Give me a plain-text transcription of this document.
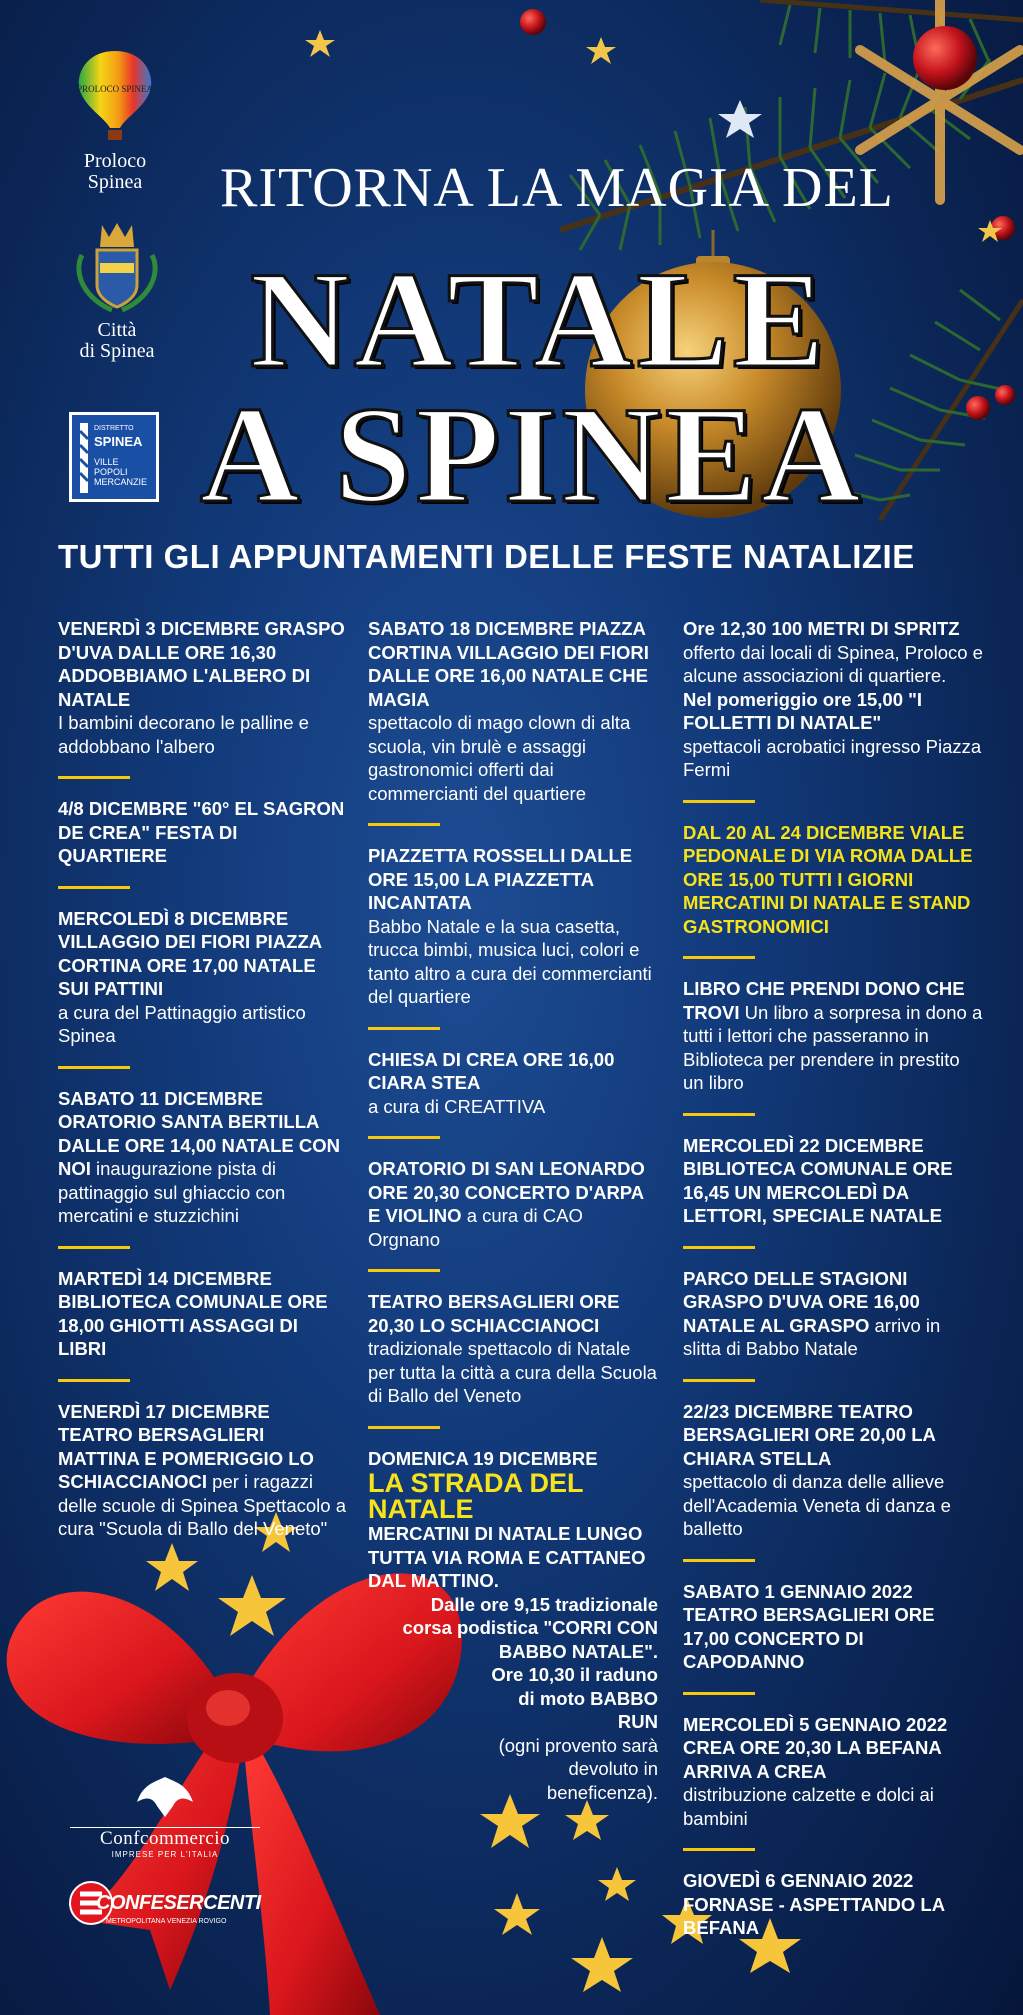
PROLOCO SPINEA
Proloco
Spinea
Città
di Spinea
DISTRETTO
SPINEA
VILLE
POPOLI
MERCANZIE
RITORNA LA MAGIA DEL
NATALE
A SPINEA
TUTTI GLI APPUNTAMENTI DELLE FESTE NATALIZIE
VENERDÌ 3 DICEMBRE GRASPO D'UVA DALLE ORE 16,30 ADDOBBIAMO L'ALBERO DI NATALE
I bambini decorano le palline e addobbano l'albero
4/8 DICEMBRE "60° EL SAGRON DE CREA" FESTA DI QUARTIERE
MERCOLEDÌ 8 DICEMBRE VILLAGGIO DEI FIORI PIAZZA CORTINA ORE 17,00 NATALE SUI PATTINI
a cura del Pattinaggio artistico Spinea
SABATO 11 DICEMBRE ORATORIO SANTA BERTILLA DALLE ORE 14,00 NATALE CON NOI inaugurazione pista di pattinaggio sul ghiaccio con mercatini e stuzzichini
MARTEDÌ 14 DICEMBRE BIBLIOTECA COMUNALE ORE 18,00 GHIOTTI ASSAGGI DI LIBRI
VENERDÌ 17 DICEMBRE TEATRO BERSAGLIERI MATTINA E POMERIGGIO LO SCHIACCIANOCI per i ragazzi delle scuole di Spinea Spettacolo a cura "Scuola di Ballo del Veneto"
SABATO 18 DICEMBRE PIAZZA CORTINA VILLAGGIO DEI FIORI DALLE ORE 16,00 NATALE CHE MAGIA
spettacolo di mago clown di alta scuola, vin brulè e assaggi gastronomici offerti dai commercianti del quartiere
PIAZZETTA ROSSELLI DALLE ORE 15,00 LA PIAZZETTA INCANTATA
Babbo Natale e la sua casetta, trucca bimbi, musica luci, colori e tanto altro a cura dei commercianti del quartiere
CHIESA DI CREA ORE 16,00 CIARA STEA
a cura di CREATTIVA
ORATORIO DI SAN LEONARDO ORE 20,30 CONCERTO D'ARPA E VIOLINO a cura di CAO Orgnano
TEATRO BERSAGLIERI ORE 20,30 LO SCHIACCIANOCI tradizionale spettacolo di Natale per tutta la città a cura della Scuola di Ballo del Veneto
DOMENICA 19 DICEMBRE
LA STRADA DEL NATALE
MERCATINI DI NATALE LUNGO TUTTA VIA ROMA E CATTANEO DAL MATTINO.
Dalle ore 9,15 tradizionale corsa podistica "CORRI CON BABBO NATALE".
Ore 10,30 il raduno di moto BABBO RUN
(ogni provento sarà devoluto in beneficenza).
Ore 12,30 100 METRI DI SPRITZ offerto dai locali di Spinea, Proloco e alcune associazioni di quartiere.
Nel pomeriggio ore 15,00 "I FOLLETTI DI NATALE"
spettacoli acrobatici ingresso Piazza Fermi
DAL 20 AL 24 DICEMBRE VIALE PEDONALE DI VIA ROMA DALLE ORE 15,00 TUTTI I GIORNI MERCATINI DI NATALE E STAND GASTRONOMICI
LIBRO CHE PRENDI DONO CHE TROVI Un libro a sorpresa in dono a tutti i lettori che passeranno in Biblioteca per prendere in prestito un libro
MERCOLEDÌ 22 DICEMBRE BIBLIOTECA COMUNALE ORE 16,45 UN MERCOLEDÌ DA LETTORI, SPECIALE NATALE
PARCO DELLE STAGIONI GRASPO D'UVA ORE 16,00 NATALE AL GRASPO arrivo in slitta di Babbo Natale
22/23 DICEMBRE TEATRO BERSAGLIERI ORE 20,00 LA CHIARA STELLA
spettacolo di danza delle allieve dell'Academia Veneta di danza e balletto
SABATO 1 GENNAIO 2022 TEATRO BERSAGLIERI ORE 17,00 CONCERTO DI CAPODANNO
MERCOLEDÌ 5 GENNAIO 2022 CREA ORE 20,30 LA BEFANA ARRIVA A CREA
distribuzione calzette e dolci ai bambini
GIOVEDÌ 6 GENNAIO 2022 FORNASE - ASPETTANDO LA BEFANA
Confcommercio
IMPRESE PER L'ITALIA
CONFESERCENTI
METROPOLITANA VENEZIA ROVIGO
